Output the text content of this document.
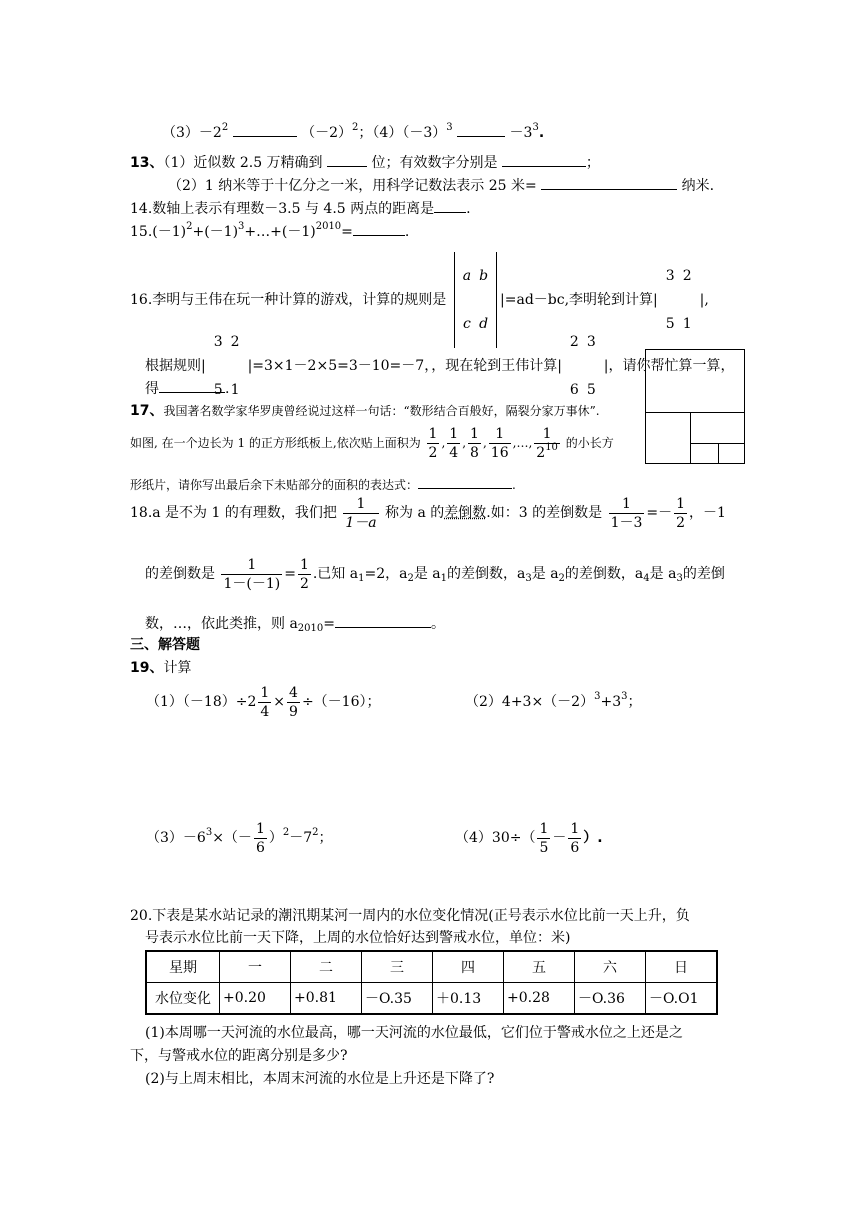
$(3)-2^2$	$(-2)^2$；$(4)(-3)^3$	$-3^3$.
13、（1）近似数 2.5 万精确到	位；有效数字分别是	；
（2）1 纳米等于十亿分之一米，用科学记数法表示 25 米=	纳米.
14.数轴上表示有理数－3.5 与 4.5 两点的距离是 .
$15.(-1)^2+(-1)^3+\dots+(-1)^{2010}=$	.
16.李明与王伟在玩一种计算的游戏，计算的规则是
a	b
c	d
|=ad－bc,李明轮到计算|
3	2
5	1
|,
根据规则|
3	2
5	1
|=3×1－2×5=3－10=－7，，现在轮到王伟计算|
2	3
6	5
|，请你帮忙算一算，
得	.
17、我国著名数学家华罗庚曾经说过这样一句话：“数形结合百般好，隔裂分家万事休”.
如图, 在一个边长为 1 的正方形纸板上,依次贴上面积为 $\frac{1}{2}$ , $\frac{1}{4}$ , $\frac{1}{8}$ , $\frac{1}{16}$ ,…, $\frac{1}{2^{10}}$ 的小长方
形纸片，请你写出最后余下未贴部分的面积的表达式：	.
18.a 是不为 1 的有理数，我们把 $\frac{1}{1-a}$ 称为 a 的差倒数.如：3 的差倒数是 $\frac{1}{1-3} =- \frac{1}{2}$ ，－1
的差倒数是 $\frac{1}{1-(-1)} = \frac{1}{2}$ .已知 $a_1=2$，$a_2$是 $a_1$的差倒数，$a_3$是 $a_2$的差倒数，$a_4$是 $a_3$的差倒
数，…，依此类推，则 $a_{2010}=$	。
三、解答题
19、计算
$(1)(-18)\div 2 \frac{1}{4} \times \frac{4}{9} \div(-16)$；	$(2)4+3\times(-2)^3+3^3$；
$(3)-6^3\times(- \frac{1}{6} )^2-7^2$；	$(4)30\div( \frac{1}{5} - \frac{1}{6}$ ）.
20.下表是某水站记录的潮汛期某河一周内的水位变化情况(正号表示水位比前一天上升，负
号表示水位比前一天下降，上周的水位恰好达到警戒水位，单位：米)
星期	一	二	三	四	五	六	日
水位变化	+0.20	+0.81	－O.35	＋0.13	+0.28	－O.36	－O.O1
(1)本周哪一天河流的水位最高，哪一天河流的水位最低，它们位于警戒水位之上还是之
下，与警戒水位的距离分别是多少?
(2)与上周末相比，本周末河流的水位是上升还是下降了?
